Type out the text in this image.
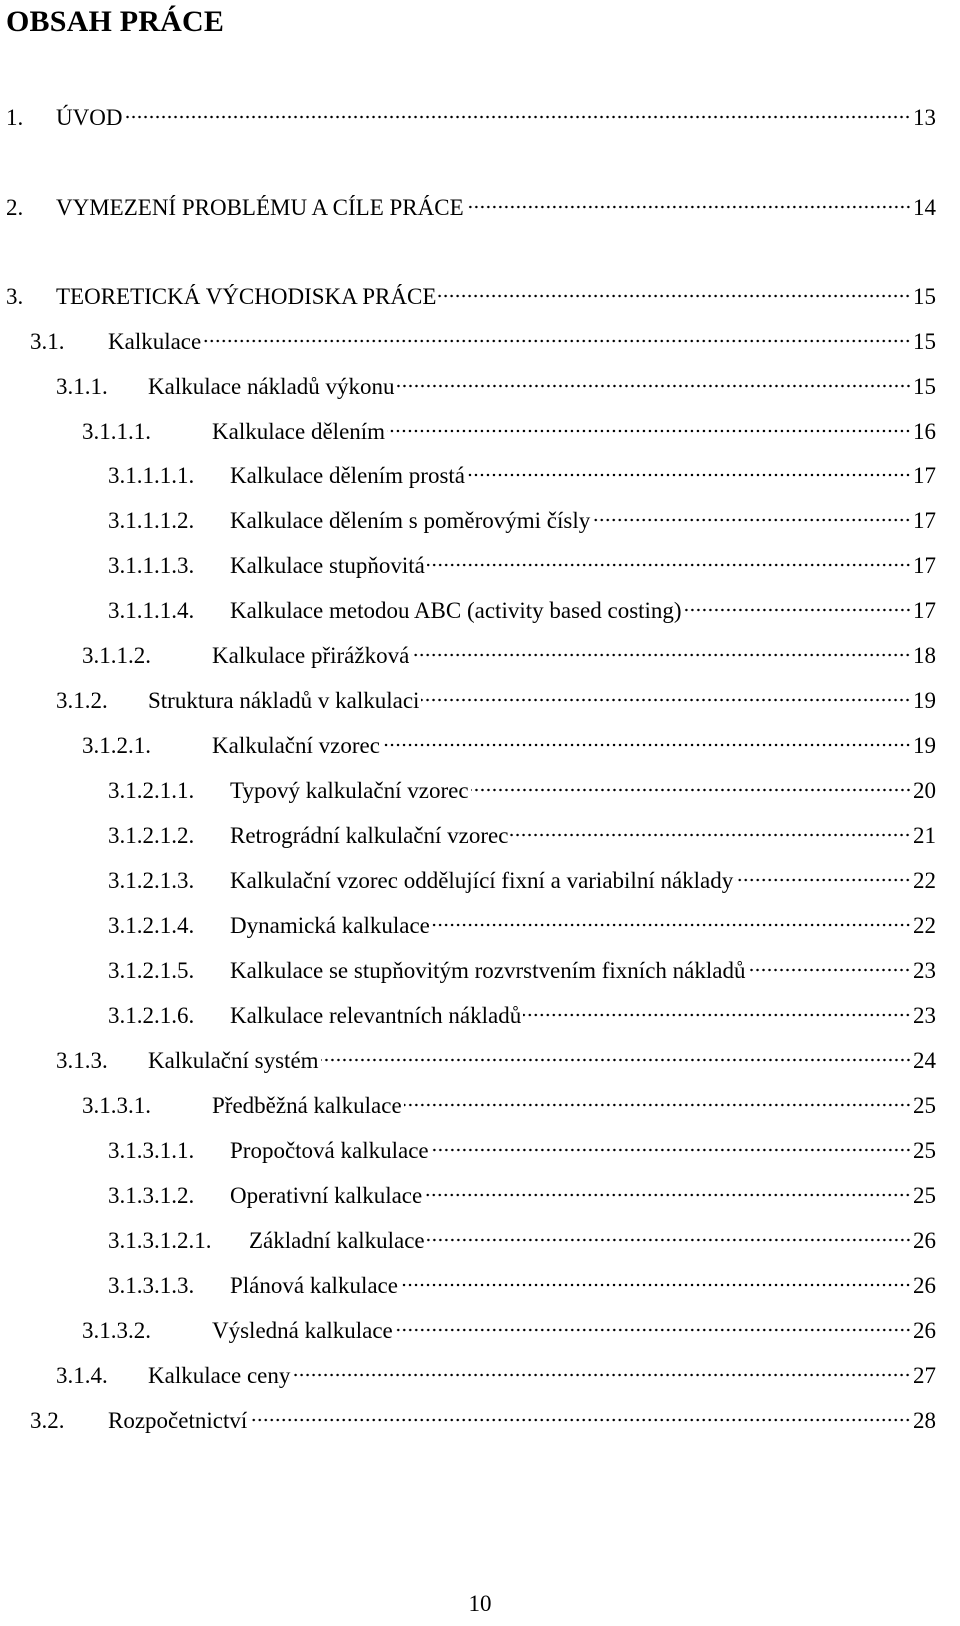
OBSAH PRÁCE
1.	ÚVOD	13
2.	VYMEZENÍ PROBLÉMU A CÍLE PRÁCE	14
3.	TEORETICKÁ VÝCHODISKA PRÁCE	15
3.1.	Kalkulace	15
3.1.1.	Kalkulace nákladů výkonu	15
3.1.1.1.	Kalkulace dělením	16
3.1.1.1.1.	Kalkulace dělením prostá	17
3.1.1.1.2.	Kalkulace dělením s poměrovými čísly	17
3.1.1.1.3.	Kalkulace stupňovitá	17
3.1.1.1.4.	Kalkulace metodou ABC (activity based costing)	17
3.1.1.2.	Kalkulace přirážková	18
3.1.2.	Struktura nákladů v kalkulaci	19
3.1.2.1.	Kalkulační vzorec	19
3.1.2.1.1.	Typový kalkulační vzorec	20
3.1.2.1.2.	Retrográdní kalkulační vzorec	21
3.1.2.1.3.	Kalkulační vzorec oddělující fixní a variabilní náklady	22
3.1.2.1.4.	Dynamická kalkulace	22
3.1.2.1.5.	Kalkulace se stupňovitým rozvrstvením fixních nákladů	23
3.1.2.1.6.	Kalkulace relevantních nákladů	23
3.1.3.	Kalkulační systém	24
3.1.3.1.	Předběžná kalkulace	25
3.1.3.1.1.	Propočtová kalkulace	25
3.1.3.1.2.	Operativní kalkulace	25
3.1.3.1.2.1.	Základní kalkulace	26
3.1.3.1.3.	Plánová kalkulace	26
3.1.3.2.	Výsledná kalkulace	26
3.1.4.	Kalkulace ceny	27
3.2.	Rozpočetnictví	28
10
